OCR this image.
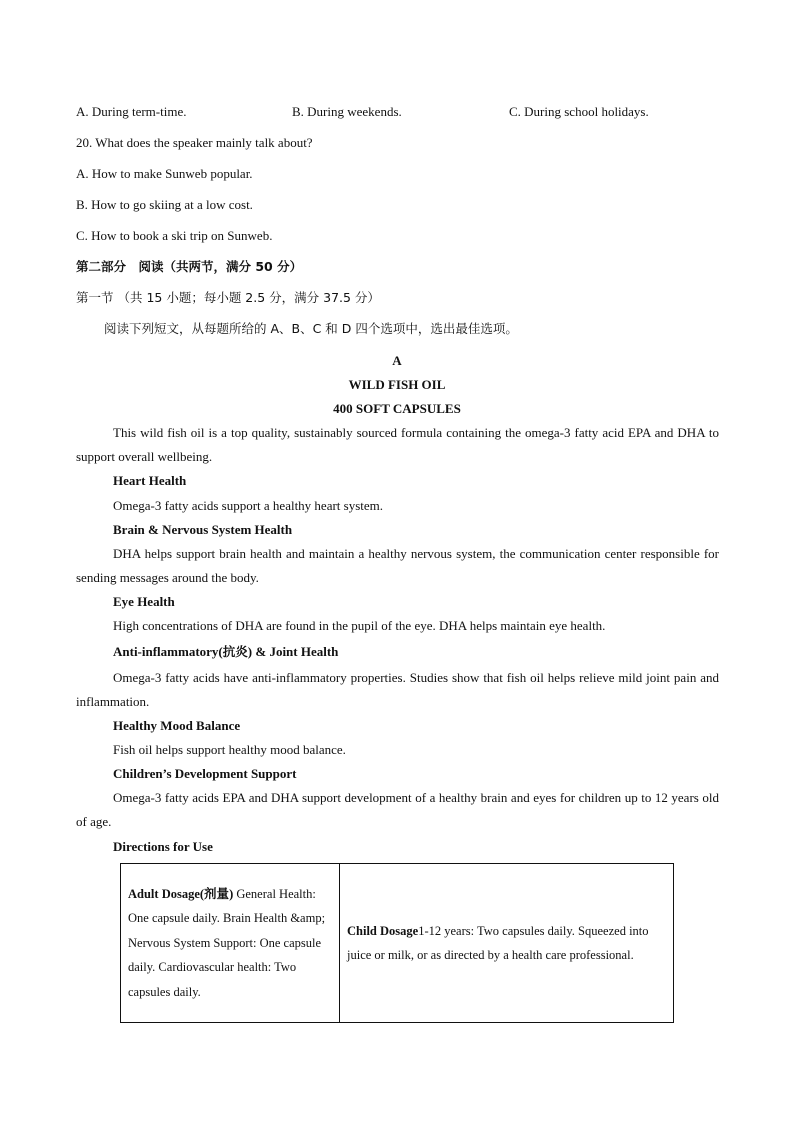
A. During term-time.	B. During weekends.	C. During school holidays.
20. What does the speaker mainly talk about?
A. How to make Sunweb popular.
B. How to go skiing at a low cost.
C. How to book a ski trip on Sunweb.
第二部分　阅读（共两节，满分 50 分）
第一节 （共 15 小题；每小题 2.5 分，满分 37.5 分）
阅读下列短文，从每题所给的 A、B、C 和 D 四个选项中，选出最佳选项。
A
WILD FISH OIL
400 SOFT CAPSULES
This wild fish oil is a top quality, sustainably sourced formula containing the omega-3 fatty acid EPA and DHA to support overall wellbeing.
Heart Health
Omega-3 fatty acids support a healthy heart system.
Brain & Nervous System Health
DHA helps support brain health and maintain a healthy nervous system, the communication center responsible for sending messages around the body.
Eye Health
High concentrations of DHA are found in the pupil of the eye. DHA helps maintain eye health.
Anti-inflammatory(抗炎) & Joint Health
Omega-3 fatty acids have anti-inflammatory properties. Studies show that fish oil helps relieve mild joint pain and inflammation.
Healthy Mood Balance
Fish oil helps support healthy mood balance.
Children’s Development Support
Omega-3 fatty acids EPA and DHA support development of a healthy brain and eyes for children up to 12 years old of age.
Directions for Use
Adult Dosage(剂量) General Health: One capsule daily. Brain Health &amp; Nervous System Support: One capsule daily. Cardiovascular health: Two capsules daily.	Child Dosage1-12 years: Two capsules daily. Squeezed into juice or milk, or as directed by a health care professional.
